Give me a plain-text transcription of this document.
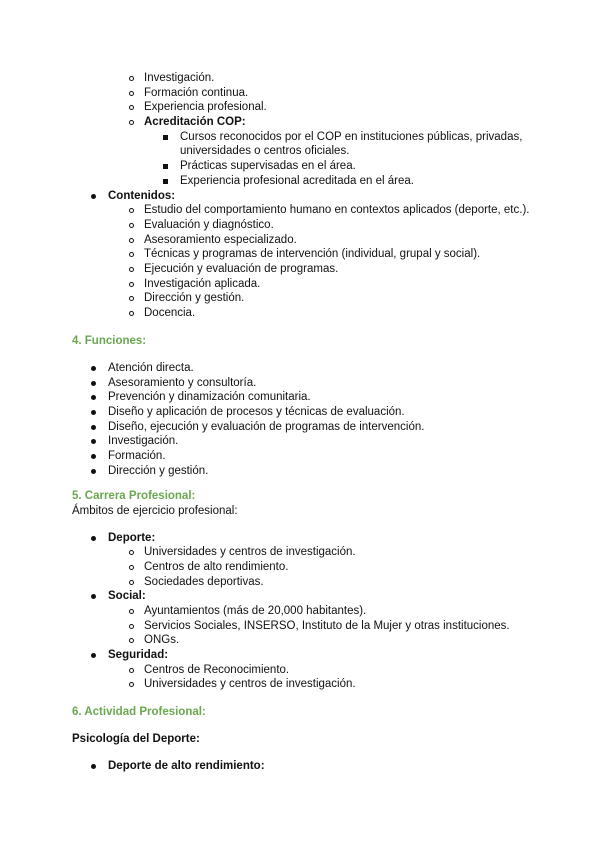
Investigación.
Formación continua.
Experiencia profesional.
Acreditación COP:
Cursos reconocidos por el COP en instituciones públicas, privadas,
universidades o centros oficiales.
Prácticas supervisadas en el área.
Experiencia profesional acreditada en el área.
Contenidos:
Estudio del comportamiento humano en contextos aplicados (deporte, etc.).
Evaluación y diagnóstico.
Asesoramiento especializado.
Técnicas y programas de intervención (individual, grupal y social).
Ejecución y evaluación de programas.
Investigación aplicada.
Dirección y gestión.
Docencia.
4. Funciones:
Atención directa.
Asesoramiento y consultoría.
Prevención y dinamización comunitaria.
Diseño y aplicación de procesos y técnicas de evaluación.
Diseño, ejecución y evaluación de programas de intervención.
Investigación.
Formación.
Dirección y gestión.
5. Carrera Profesional:
Ámbitos de ejercicio profesional:
Deporte:
Universidades y centros de investigación.
Centros de alto rendimiento.
Sociedades deportivas.
Social:
Ayuntamientos (más de 20,000 habitantes).
Servicios Sociales, INSERSO, Instituto de la Mujer y otras instituciones.
ONGs.
Seguridad:
Centros de Reconocimiento.
Universidades y centros de investigación.
6. Actividad Profesional:
Psicología del Deporte:
Deporte de alto rendimiento:
